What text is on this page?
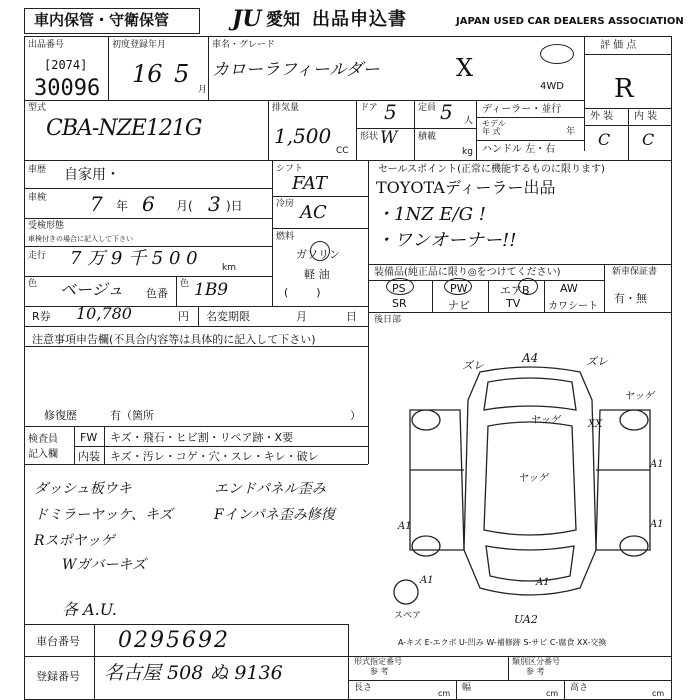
車内保管・守衛保管	JU 愛知 出品申込書	JAPAN USED CAR DEALERS ASSOCIATION
出品番号
[2074]
30096
初度登録年月
16 5
月
車名・グレード
カローラフィールダー	X
4WD
評 価 点
R
外 装 内 装
C C
型式
CBA-NZE121G
排気量
1,500
CC
ドア 5
形状 W
定員 5 人
積載
kg
ディーラー・並行
モデル
年 式	年
ハンドル 左・右
車歴 自家用・
車検 7 年 6 月( 3 )日
受検形態
車検付きの場合に記入して下さい
走行 7 万 9 千 5 0 0	km
色 ベージュ 色番
色 1B9
シフト
FAT
冷房 AC
燃料
ガソリン
軽 油
(        )
セールスポイント(正常に機能するものに限ります)
TOYOTAディーラー出品
・1NZ E/G !
・ワンオーナー!!
装備品(純正品に限り◎をつけてください)
PS	PW	エアB	AW
SR	ナビ	TV	カワシート
新車保証書
有・無
R券 10,780	円 名変期限	月	日 後日部
注意事項申告欄(不具合内容等は具体的に記入して下さい)
修復歴	有（箇所	）
検査員
記入欄
FW キズ・飛石・ヒビ割・リペア跡・X要
内装 キズ・汚レ・コゲ・穴・スレ・キレ・破レ
ダッシュ板ウキ	エンドパネル歪み
ドミラーヤッケ、キズ	Fインパネ歪み修復
Rスポヤッゲ
Wガバーキズ
各 A.U.	スペア
ズレ
A4	ズレ
ヤッゲ
ヤッゲ	XX
A1
A1
ヤッゲ
A1
A1	A1
UA2
A-キズ E-エクボ U-凹み W-補修跡 S-サビ C-腐食 XX-交換
車台番号 0295692
登録番号 名古屋 508 ぬ 9136
形式指定番号
参 考
類別区分番号
参 考
長さ
cm
幅
cm
高さ
cm
